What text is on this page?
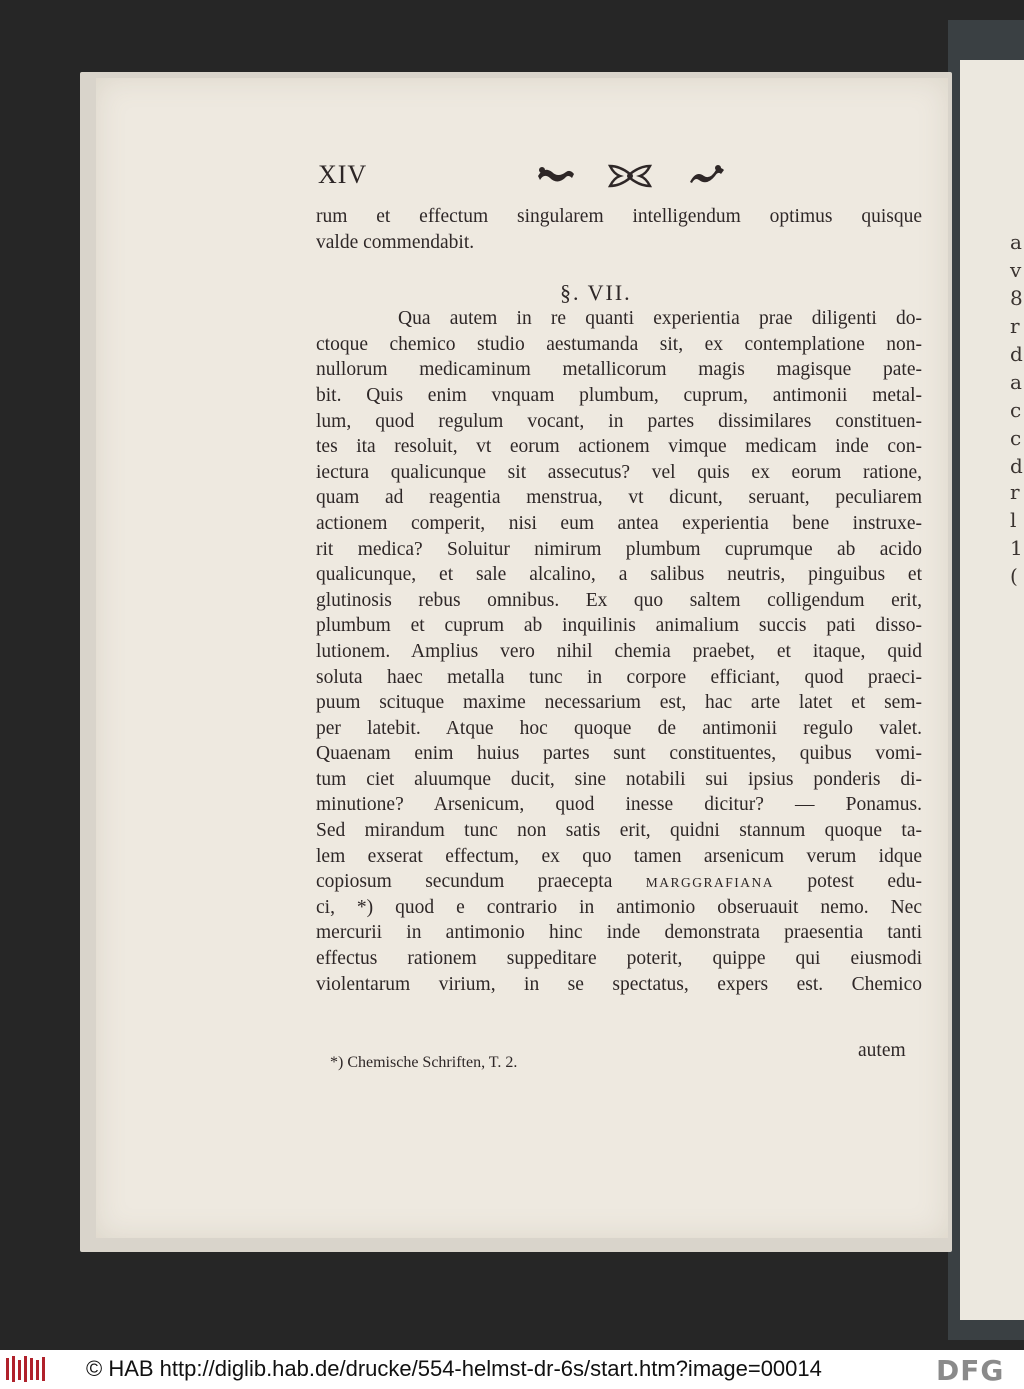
a
v
8
r
d
a
c
c
d
r
l
1
(
XIV
§. VII.
rum et effectum singularem intelligendum optimus quisque
valde commendabit.
Qua autem in re quanti experientia prae diligenti do-
ctoque chemico studio aestumanda sit, ex contemplatione non-
nullorum medicaminum metallicorum magis magisque pate-
bit. Quis enim vnquam plumbum, cuprum, antimonii metal-
lum, quod regulum vocant, in partes dissimilares constituen-
tes ita resoluit, vt eorum actionem vimque medicam inde con-
iectura qualicunque sit assecutus? vel quis ex eorum ratione,
quam ad reagentia menstrua, vt dicunt, seruant, peculiarem
actionem comperit, nisi eum antea experientia bene instruxe-
rit medica? Soluitur nimirum plumbum cuprumque ab acido
qualicunque, et sale alcalino, a salibus neutris, pinguibus et
glutinosis rebus omnibus. Ex quo saltem colligendum erit,
plumbum et cuprum ab inquilinis animalium succis pati disso-
lutionem. Amplius vero nihil chemia praebet, et itaque, quid
soluta haec metalla tunc in corpore efficiant, quod praeci-
puum scituque maxime necessarium est, hac arte latet et sem-
per latebit. Atque hoc quoque de antimonii regulo valet.
Quaenam enim huius partes sunt constituentes, quibus vomi-
tum ciet aluumque ducit, sine notabili sui ipsius ponderis di-
minutione? Arsenicum, quod inesse dicitur? — Ponamus.
Sed mirandum tunc non satis erit, quidni stannum quoque ta-
lem exserat effectum, ex quo tamen arsenicum verum idque
copiosum secundum praecepta MARGGRAFIANA potest edu-
ci, *) quod e contrario in antimonio obseruauit nemo. Nec
mercurii in antimonio hinc inde demonstrata praesentia tanti
effectus rationem suppeditare poterit, quippe qui eiusmodi
violentarum virium, in se spectatus, expers est. Chemico
autem
*) Chemische Schriften, T. 2.
© HAB http://diglib.hab.de/drucke/554-helmst-dr-6s/start.htm?image=00014	DFG
